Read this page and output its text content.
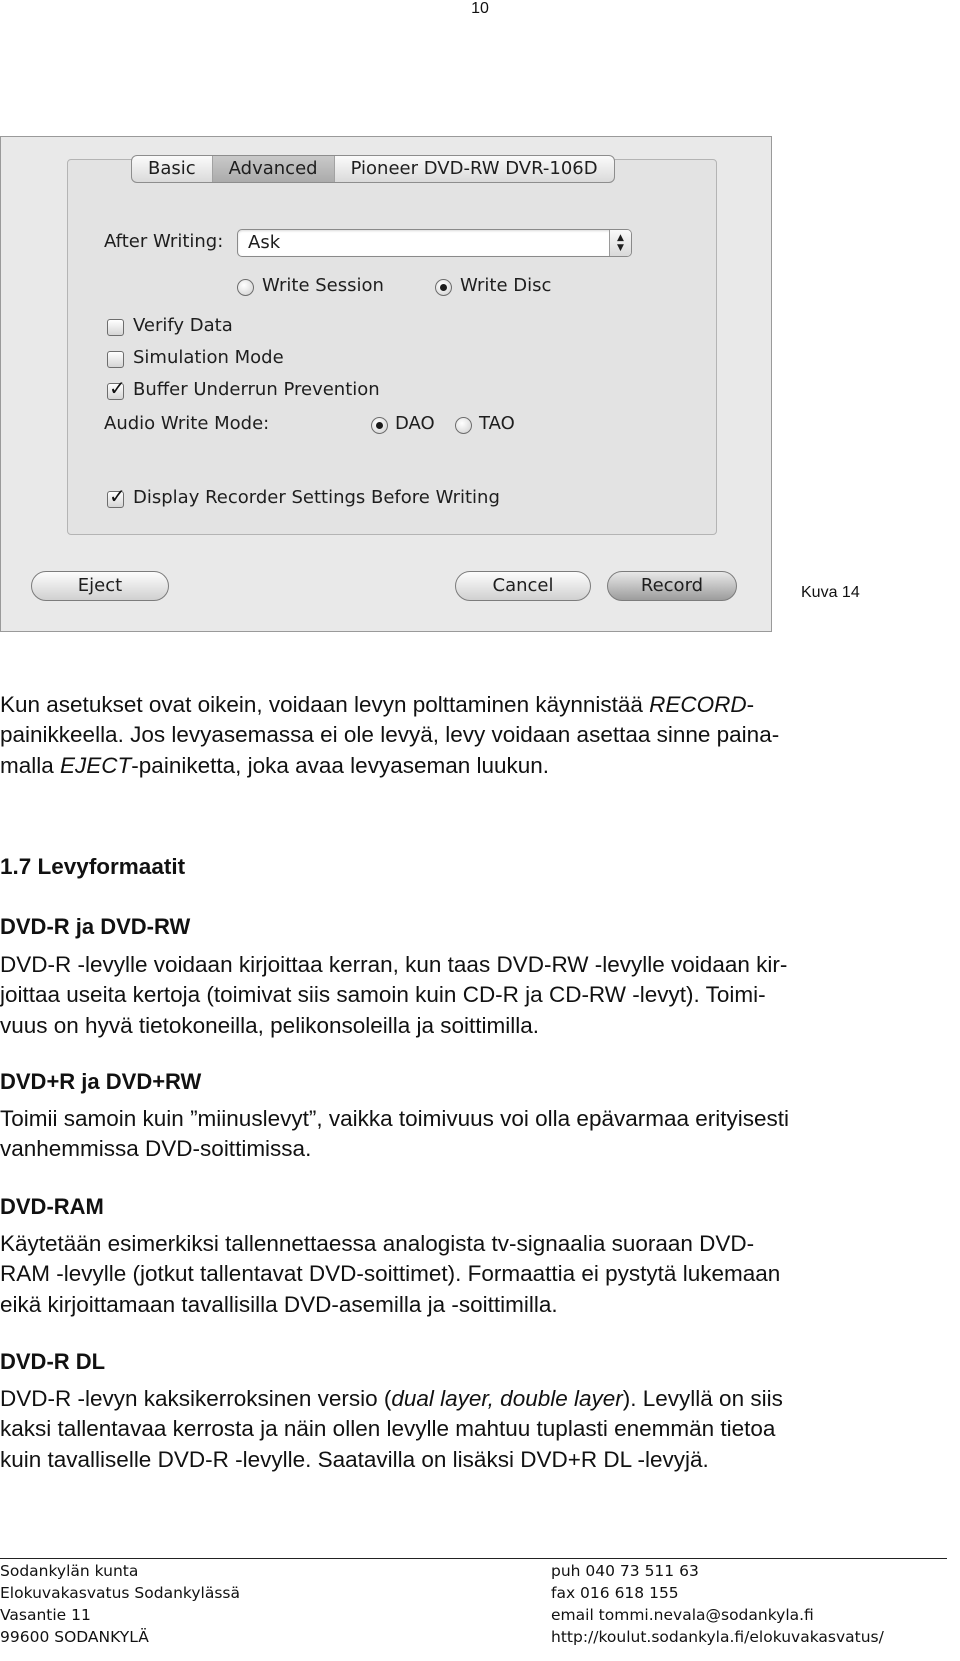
10
Basic	Advanced	Pioneer DVD-RW DVR-106D
After Writing: Ask	▲
▼
Write Session	Write Disc
Verify Data
Simulation Mode
✓ Buffer Underrun Prevention
Audio Write Mode:	DAO TAO
✓ Display Recorder Settings Before Writing
Eject	Cancel	Record	Kuva 14
Kun asetukset ovat oikein, voidaan levyn polttaminen käynnistää RECORD-
painikkeella. Jos levyasemassa ei ole levyä, levy voidaan asettaa sinne paina-
malla EJECT-painiketta, joka avaa levyaseman luukun.
1.7 Levyformaatit
DVD-R ja DVD-RW
DVD-R -levylle voidaan kirjoittaa kerran, kun taas DVD-RW -levylle voidaan kir-
joittaa useita kertoja (toimivat siis samoin kuin CD-R ja CD-RW -levyt). Toimi-
vuus on hyvä tietokoneilla, pelikonsoleilla ja soittimilla.
DVD+R ja DVD+RW
Toimii samoin kuin ”miinuslevyt”, vaikka toimivuus voi olla epävarmaa erityisesti
vanhemmissa DVD-soittimissa.
DVD-RAM
Käytetään esimerkiksi tallennettaessa analogista tv-signaalia suoraan DVD-
RAM -levylle (jotkut tallentavat DVD-soittimet). Formaattia ei pystytä lukemaan
eikä kirjoittamaan tavallisilla DVD-asemilla ja -soittimilla.
DVD-R DL
DVD-R -levyn kaksikerroksinen versio (dual layer, double layer). Levyllä on siis
kaksi tallentavaa kerrosta ja näin ollen levylle mahtuu tuplasti enemmän tietoa
kuin tavalliselle DVD-R -levylle. Saatavilla on lisäksi DVD+R DL -levyjä.
Sodankylän kunta
Elokuvakasvatus Sodankylässä
Vasantie 11
99600 SODANKYLÄ
puh 040 73 511 63
fax 016 618 155
email tommi.nevala@sodankyla.fi
http://koulut.sodankyla.fi/elokuvakasvatus/
